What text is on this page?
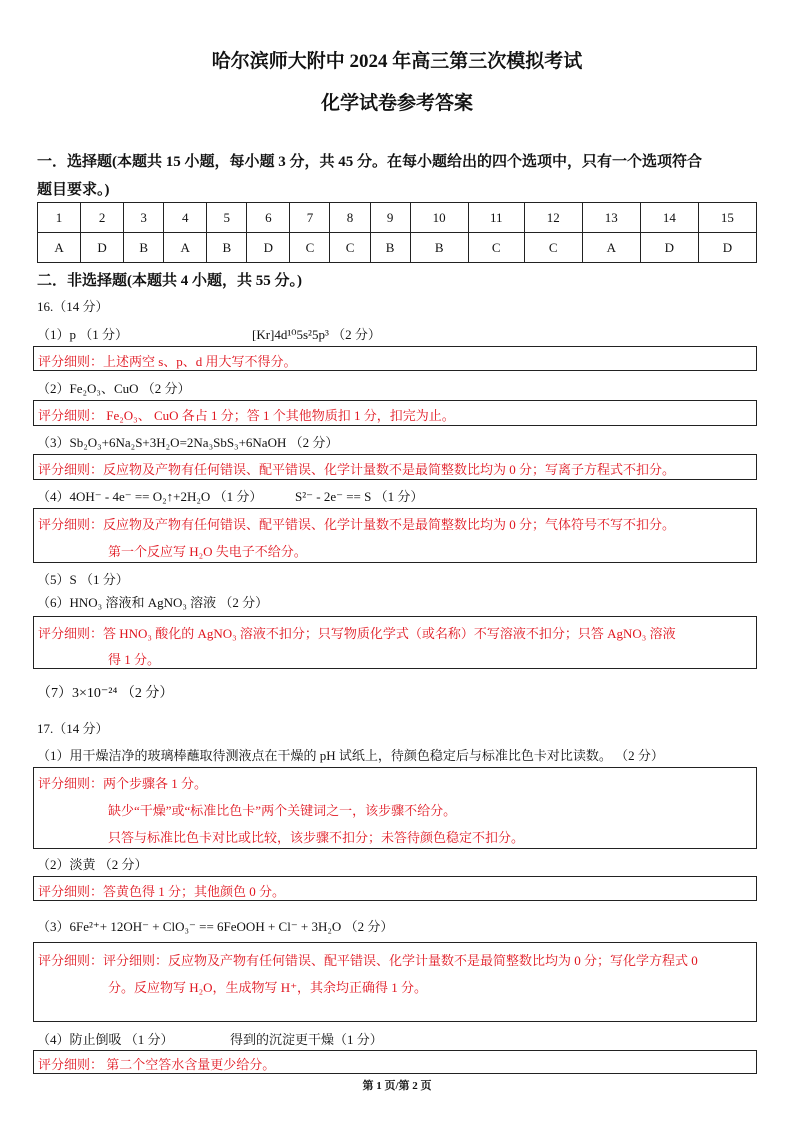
哈尔滨师大附中 2024 年高三第三次模拟考试
化学试卷参考答案
一．选择题(本题共 15 小题，每小题 3 分，共 45 分。在每小题给出的四个选项中，只有一个选项符合
题目要求。)
1	2	3	4	5	6	7	8	9	10	11	12	13	14	15
A	D	B	A	B	D	C	C	B	B	C	C	A	D	D
二．非选择题(本题共 4 小题，共 55 分。)
16.（14 分）
（1）p （1 分）	[Kr]4d¹⁰5s²5p³ （2 分）
评分细则：上述两空 s、p、d 用大写不得分。
（2）Fe₂O₃、CuO （2 分）
评分细则： Fe₂O₃、 CuO 各占 1 分；答 1 个其他物质扣 1 分，扣完为止。
（3）Sb₂O₃+6Na₂S+3H₂O=2Na₃SbS₃+6NaOH （2 分）
评分细则：反应物及产物有任何错误、配平错误、化学计量数不是最简整数比均为 0 分；写离子方程式不扣分。
（4）4OH⁻ - 4e⁻ == O₂↑+2H₂O （1 分）	S²⁻ - 2e⁻ == S （1 分）
评分细则：反应物及产物有任何错误、配平错误、化学计量数不是最简整数比均为 0 分；气体符号不写不扣分。
第一个反应写 H₂O 失电子不给分。
（5）S （1 分）
（6）HNO₃ 溶液和 AgNO₃ 溶液 （2 分）
评分细则：答 HNO₃ 酸化的 AgNO₃ 溶液不扣分；只写物质化学式（或名称）不写溶液不扣分；只答 AgNO₃ 溶液
得 1 分。
（7）3×10⁻²⁴ （2 分）
17.（14 分）
（1）用干燥洁净的玻璃棒蘸取待测液点在干燥的 pH 试纸上，待颜色稳定后与标准比色卡对比读数。 （2 分）
评分细则：两个步骤各 1 分。
缺少“干燥”或“标准比色卡”两个关键词之一，该步骤不给分。
只答与标准比色卡对比或比较，该步骤不扣分；未答待颜色稳定不扣分。
（2）淡黄 （2 分）
评分细则：答黄色得 1 分；其他颜色 0 分。
（3）6Fe²⁺+ 12OH⁻ + ClO₃⁻ == 6FeOOH + Cl⁻ + 3H₂O （2 分）
评分细则：评分细则：反应物及产物有任何错误、配平错误、化学计量数不是最简整数比均为 0 分；写化学方程式 0
分。反应物写 H₂O，生成物写 H⁺，其余均正确得 1 分。
（4）防止倒吸 （1 分）	得到的沉淀更干燥（1 分）
评分细则： 第二个空答水含量更少给分。
第 1 页/第 2 页
